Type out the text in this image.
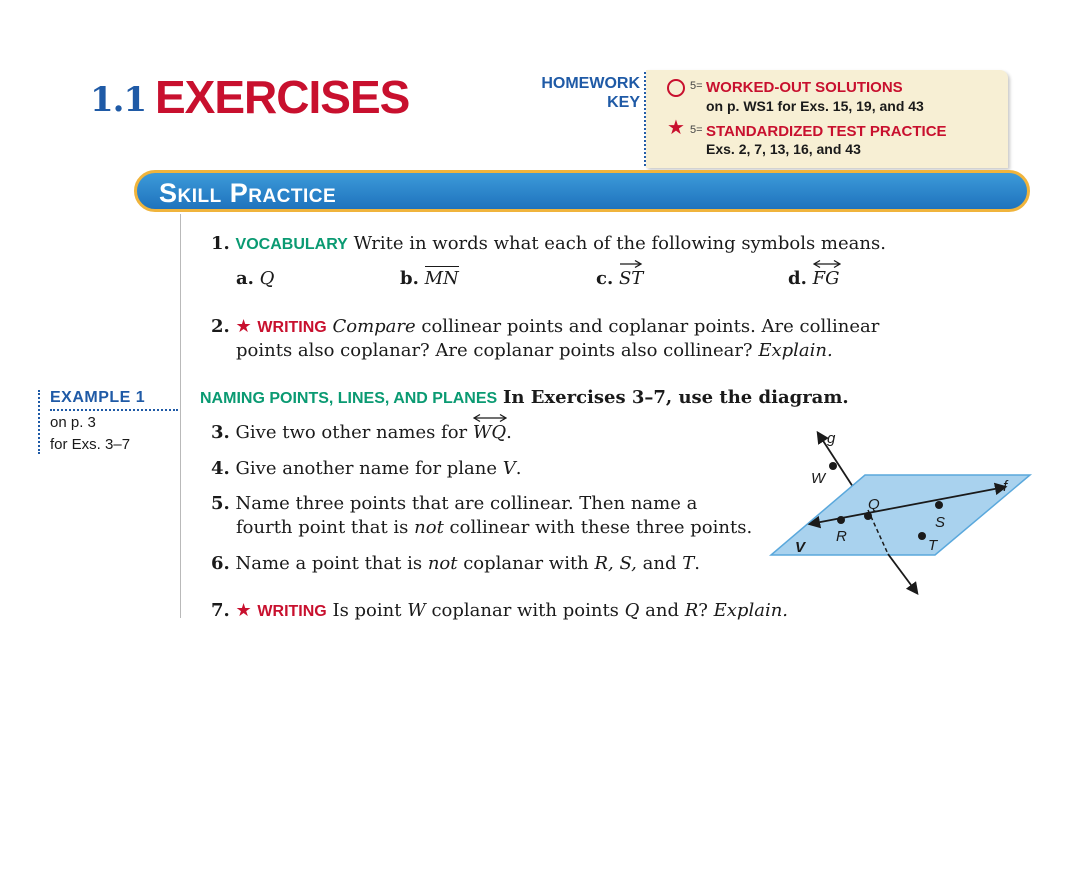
1.1 EXERCISES	HOMEWORK
KEY
5= WORKED-OUT SOLUTIONS
on p. WS1 for Exs. 15, 19, and 43
★ 5= STANDARDIZED TEST PRACTICE
Exs. 2, 7, 13, 16, and 43
Skill Practice
EXAMPLE 1
on p. 3
for Exs. 3–7
1. VOCABULARY Write in words what each of the following symbols means.
a. Q	b. MN	c. ST	d. FG
2. ★ WRITING Compare collinear points and coplanar points. Are collinear
points also coplanar? Are coplanar points also collinear? Explain.
NAMING POINTS, LINES, AND PLANES In Exercises 3–7, use the diagram.
3. Give two other names for WQ.
4. Give another name for plane V.
5. Name three points that are collinear. Then name a
fourth point that is not collinear with these three points.
6. Name a point that is not coplanar with R, S, and T.
7. ★ WRITING Is point W coplanar with points Q and R? Explain.
g
W	f
Q
S
R
V	T
